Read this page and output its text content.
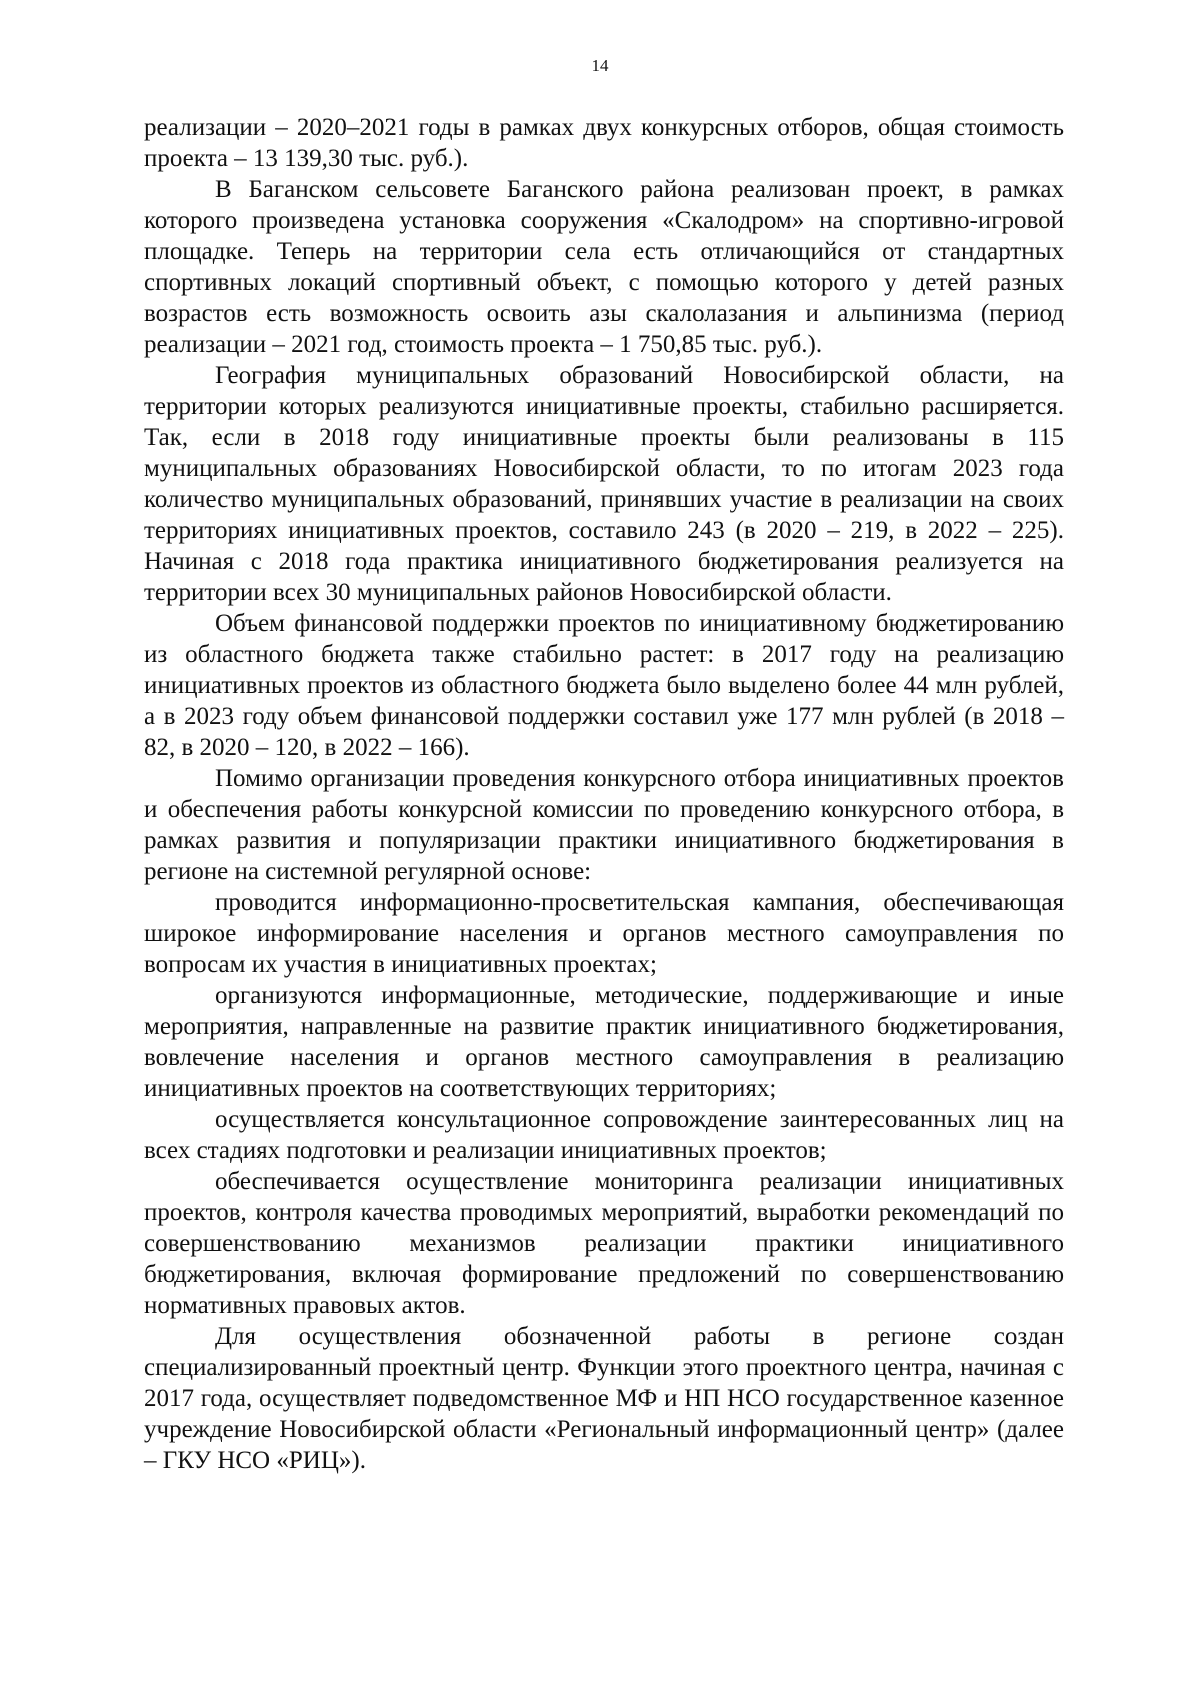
14

реализации – 2020–2021 годы в рамках двух конкурсных отборов, общая стоимость проекта – 13 139,30 тыс. руб.).

В Баганском сельсовете Баганского района реализован проект, в рамках которого произведена установка сооружения «Скалодром» на спортивно-игровой площадке. Теперь на территории села есть отличающийся от стандартных спортивных локаций спортивный объект, с помощью которого у детей разных возрастов есть возможность освоить азы скалолазания и альпинизма (период реализации – 2021 год, стоимость проекта – 1 750,85 тыс. руб.).

География муниципальных образований Новосибирской области, на территории которых реализуются инициативные проекты, стабильно расширяется. Так, если в 2018 году инициативные проекты были реализованы в 115 муниципальных образованиях Новосибирской области, то по итогам 2023 года количество муниципальных образований, принявших участие в реализации на своих территориях инициативных проектов, составило 243 (в 2020 – 219, в 2022 – 225). Начиная с 2018 года практика инициативного бюджетирования реализуется на территории всех 30 муниципальных районов Новосибирской области.

Объем финансовой поддержки проектов по инициативному бюджетированию из областного бюджета также стабильно растет: в 2017 году на реализацию инициативных проектов из областного бюджета было выделено более 44 млн рублей, а в 2023 году объем финансовой поддержки составил уже 177 млн рублей (в 2018 – 82, в 2020 – 120, в 2022 – 166).

Помимо организации проведения конкурсного отбора инициативных проектов и обеспечения работы конкурсной комиссии по проведению конкурсного отбора, в рамках развития и популяризации практики инициативного бюджетирования в регионе на системной регулярной основе:

проводится информационно-просветительская кампания, обеспечивающая широкое информирование населения и органов местного самоуправления по вопросам их участия в инициативных проектах;

организуются информационные, методические, поддерживающие и иные мероприятия, направленные на развитие практик инициативного бюджетирования, вовлечение населения и органов местного самоуправления в реализацию инициативных проектов на соответствующих территориях;

осуществляется консультационное сопровождение заинтересованных лиц на всех стадиях подготовки и реализации инициативных проектов;

обеспечивается осуществление мониторинга реализации инициативных проектов, контроля качества проводимых мероприятий, выработки рекомендаций по совершенствованию механизмов реализации практики инициативного бюджетирования, включая формирование предложений по совершенствованию нормативных правовых актов.

Для осуществления обозначенной работы в регионе создан специализированный проектный центр. Функции этого проектного центра, начиная с 2017 года, осуществляет подведомственное МФ и НП НСО государственное казенное учреждение Новосибирской области «Региональный информационный центр» (далее – ГКУ НСО «РИЦ»).
